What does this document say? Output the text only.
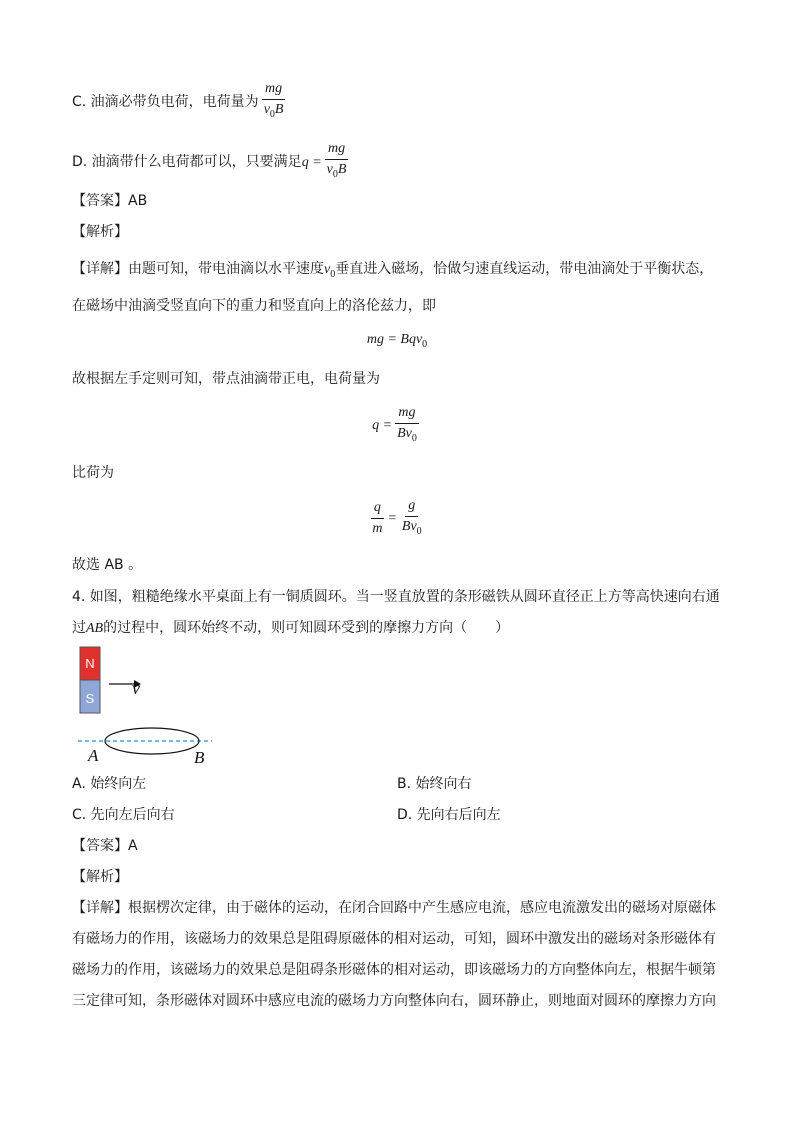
C. 油滴必带负电荷，电荷量为 $\frac{mg}{v_0B}$
D. 油滴带什么电荷都可以，只要满足$q = \frac{mg}{v_0B}$
【答案】AB
【解析】
【详解】由题可知，带电油滴以水平速度$v_0$垂直进入磁场，恰做匀速直线运动，带电油滴处于平衡状态，
在磁场中油滴受竖直向下的重力和竖直向上的洛伦兹力，即
mg = Bqv$_0$
故根据左手定则可知，带点油滴带正电，电荷量为
$q = \frac{mg}{Bv_0}$
比荷为
$\frac{q}{m} = \frac{g}{Bv_0}$
故选 AB 。
4. 如图，粗糙绝缘水平桌面上有一铜质圆环。当一竖直放置的条形磁铁从圆环直径正上方等高快速向右通
过AB的过程中，圆环始终不动，则可知圆环受到的摩擦力方向（　　）
N
S
v
A	B
A. 始终向左	B. 始终向右
C. 先向左后向右	D. 先向右后向左
【答案】A
【解析】
【详解】根据楞次定律，由于磁体的运动，在闭合回路中产生感应电流，感应电流激发出的磁场对原磁体
有磁场力的作用，该磁场力的效果总是阻碍原磁体的相对运动，可知，圆环中激发出的磁场对条形磁体有
磁场力的作用，该磁场力的效果总是阻碍条形磁体的相对运动，即该磁场力的方向整体向左，根据牛顿第
三定律可知，条形磁体对圆环中感应电流的磁场力方向整体向右，圆环静止，则地面对圆环的摩擦力方向
